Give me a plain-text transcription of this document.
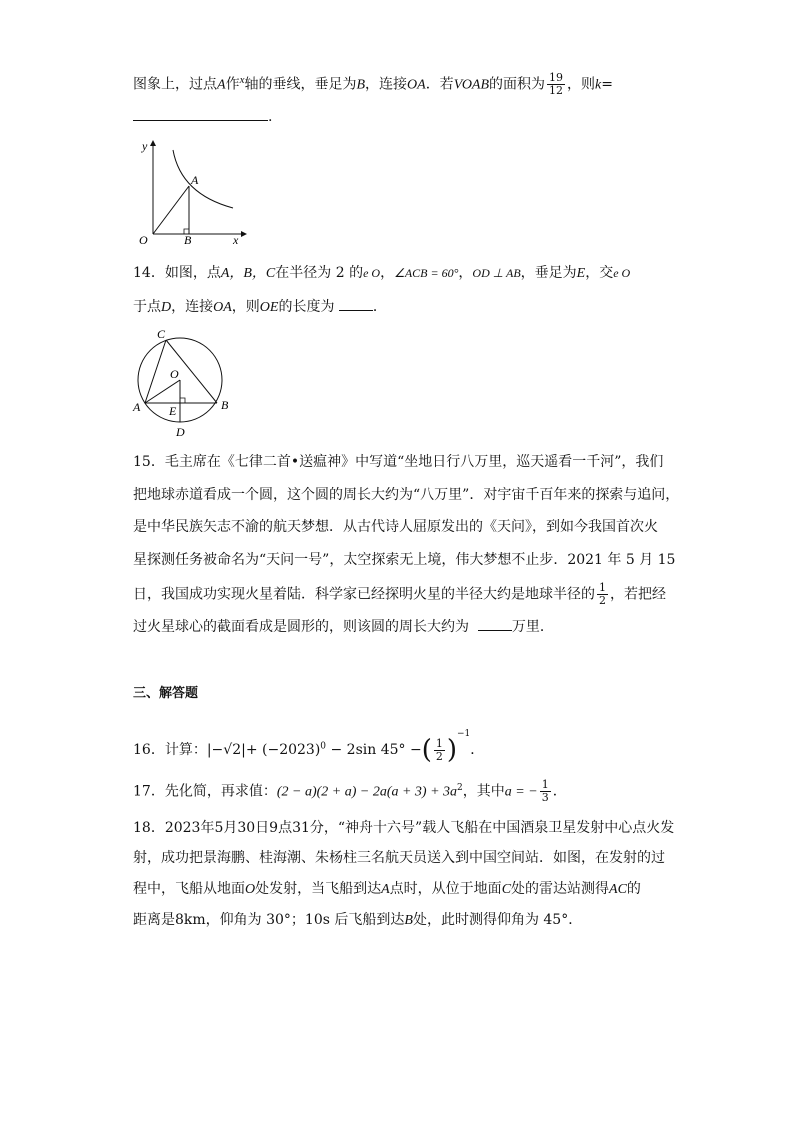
图象上，过点A作$^x$轴的垂线，垂足为B，连接OA．若VOAB的面积为 $\frac{19}{12}$ ，则k=
.
y
A
O	B	x
14．如图，点A，B，C在半径为 2 的e O，∠ACB = 60°，OD ⊥ AB，垂足为E，交e O
于点D，连接OA，则OE的长度为	．
C
O
A E	B
D
15．毛主席在《七律二首•送瘟神》中写道“坐地日行八万里，巡天遥看一千河”，我们
把地球赤道看成一个圆，这个圆的周长大约为“八万里”．对宇宙千百年来的探索与追问，
是中华民族矢志不渝的航天梦想．从古代诗人屈原发出的《天问》，到如今我国首次火
星探测任务被命名为“天问一号”，太空探索无上境，伟大梦想不止步．2021 年 5 月 15
日，我国成功实现火星着陆．科学家已经探明火星的半径大约是地球半径的 $\frac{1}{2}$ ，若把经
过火星球心的截面看成是圆形的，则该圆的周长大约为	万里．
三、解答题
16．计算：$|-√2|+ (-2023)^0 - 2\sin$ 45° −( $\frac{1}{2} )^{-1}$．
17．先化简，再求值：$(2 - a)(2 + a) - 2a(a + 3) + 3a^2$，其中a = − $\frac{1}{3}$ ．
18．2023年5月30日9点31分，“神舟十六号”载人飞船在中国酒泉卫星发射中心点火发
射，成功把景海鹏、桂海潮、朱杨柱三名航天员送入到中国空间站．如图，在发射的过
程中，飞船从地面O处发射，当飞船到达A点时，从位于地面C处的雷达站测得AC的
距离是8km，仰角为 30°；10s 后飞船到达B处，此时测得仰角为 45°．
